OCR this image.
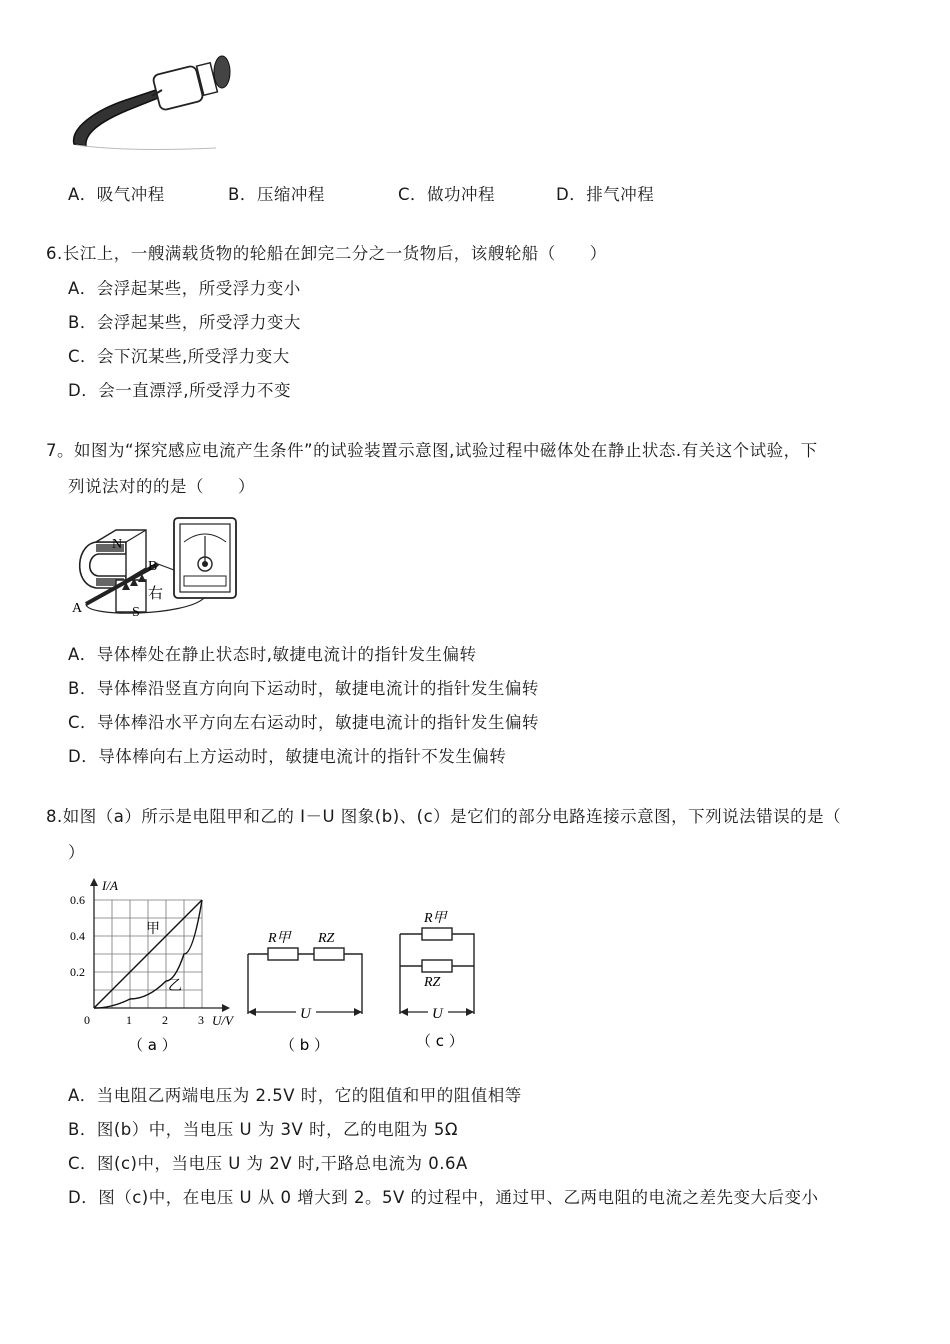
A．吸气冲程	B．压缩冲程	C．做功冲程	D．排气冲程
6.长江上，一艘满载货物的轮船在卸完二分之一货物后，该艘轮船（　　）
A．会浮起某些，所受浮力变小
B．会浮起某些，所受浮力变大
C．会下沉某些,所受浮力变大
D．会一直漂浮,所受浮力不变
7。如图为“探究感应电流产生条件”的试验装置示意图,试验过程中磁体处在静止状态.有关这个试验，下
列说法对的的是（　　）
N
B
A	S
右
A．导体棒处在静止状态时,敏捷电流计的指针发生偏转
B．导体棒沿竖直方向向下运动时，敏捷电流计的指针发生偏转
C．导体棒沿水平方向左右运动时，敏捷电流计的指针发生偏转
D．导体棒向右上方运动时，敏捷电流计的指针不发生偏转
8.如图（a）所示是电阻甲和乙的 I－U 图象(b)、(c）是它们的部分电路连接示意图，下列说法错误的是（
）
0.6
0.4
0.2
0	1	2	3
I/A
U/V
甲
乙
（ a ）
R甲 RZ
U
（ b ）
R甲
RZ
U
（ c ）
A．当电阻乙两端电压为 2.5V 时，它的阻值和甲的阻值相等
B．图(b）中，当电压 U 为 3V 时，乙的电阻为 5Ω
C．图(c)中，当电压 U 为 2V 时,干路总电流为 0.6A
D．图（c)中，在电压 U 从 0 增大到 2。5V 的过程中，通过甲、乙两电阻的电流之差先变大后变小
